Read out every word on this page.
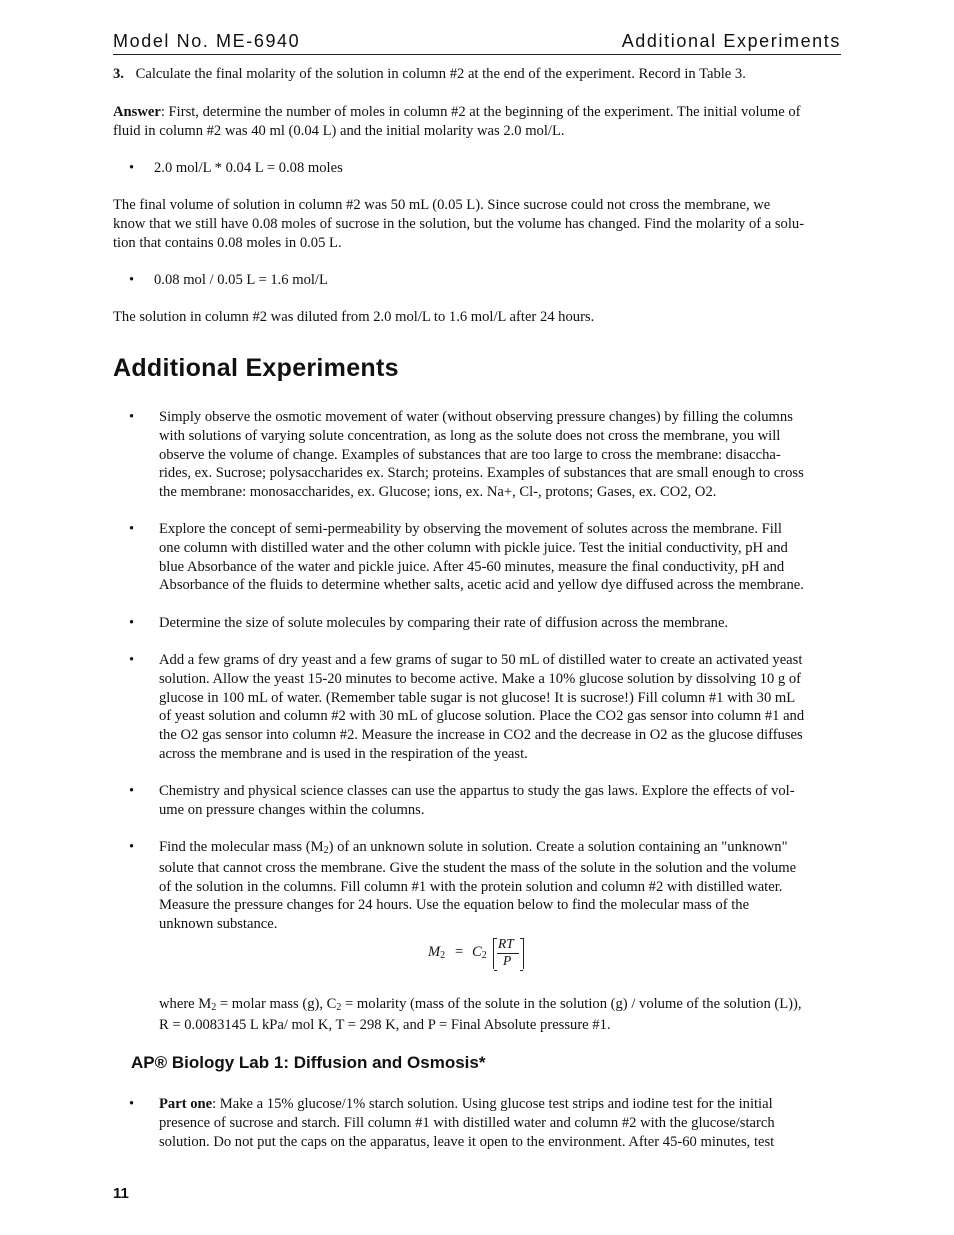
Model No. ME-6940	Additional Experiments
3. Calculate the final molarity of the solution in column #2 at the end of the experiment. Record in Table 3.
Answer: First, determine the number of moles in column #2 at the beginning of the experiment. The initial volume of
fluid in column #2 was 40 ml (0.04 L) and the initial molarity was 2.0 mol/L.
• 2.0 mol/L * 0.04 L = 0.08 moles
The final volume of solution in column #2 was 50 mL (0.05 L). Since sucrose could not cross the membrane, we
know that we still have 0.08 moles of sucrose in the solution, but the volume has changed. Find the molarity of a solu-
tion that contains 0.08 moles in 0.05 L.
• 0.08 mol / 0.05 L = 1.6 mol/L
The solution in column #2 was diluted from 2.0 mol/L to 1.6 mol/L after 24 hours.
Additional Experiments
• Simply observe the osmotic movement of water (without observing pressure changes) by filling the columns
with solutions of varying solute concentration, as long as the solute does not cross the membrane, you will
observe the volume of change. Examples of substances that are too large to cross the membrane: disaccha-
rides, ex. Sucrose; polysaccharides ex. Starch; proteins. Examples of substances that are small enough to cross
the membrane: monosaccharides, ex. Glucose; ions, ex. Na+, Cl-, protons; Gases, ex. CO2, O2.
• Explore the concept of semi-permeability by observing the movement of solutes across the membrane. Fill
one column with distilled water and the other column with pickle juice. Test the initial conductivity, pH and
blue Absorbance of the water and pickle juice. After 45-60 minutes, measure the final conductivity, pH and
Absorbance of the fluids to determine whether salts, acetic acid and yellow dye diffused across the membrane.
• Determine the size of solute molecules by comparing their rate of diffusion across the membrane.
• Add a few grams of dry yeast and a few grams of sugar to 50 mL of distilled water to create an activated yeast
solution. Allow the yeast 15-20 minutes to become active. Make a 10% glucose solution by dissolving 10 g of
glucose in 100 mL of water. (Remember table sugar is not glucose! It is sucrose!) Fill column #1 with 30 mL
of yeast solution and column #2 with 30 mL of glucose solution. Place the CO2 gas sensor into column #1 and
the O2 gas sensor into column #2. Measure the increase in CO2 and the decrease in O2 as the glucose diffuses
across the membrane and is used in the respiration of the yeast.
• Chemistry and physical science classes can use the appartus to study the gas laws. Explore the effects of vol-
ume on pressure changes within the columns.
• Find the molecular mass $(M_2)$ of an unknown solute in solution. Create a solution containing an "unknown"
solute that cannot cross the membrane. Give the student the mass of the solute in the solution and the volume
of the solution in the columns. Fill column #1 with the protein solution and column #2 with distilled water.
Measure the pressure changes for 24 hours. Use the equation below to find the molecular mass of the
unknown substance.
$M_2 = C_2$
RT
P
where $M_2$ = molar mass (g), $C_2$ = molarity (mass of the solute in the solution (g) / volume of the solution (L)),
R = 0.0083145 L kPa/ mol K, T = 298 K, and P = Final Absolute pressure #1.
AP® Biology Lab 1: Diffusion and Osmosis*
• Part one: Make a 15% glucose/1% starch solution. Using glucose test strips and iodine test for the initial
presence of sucrose and starch. Fill column #1 with distilled water and column #2 with the glucose/starch
solution. Do not put the caps on the apparatus, leave it open to the environment. After 45-60 minutes, test
11
